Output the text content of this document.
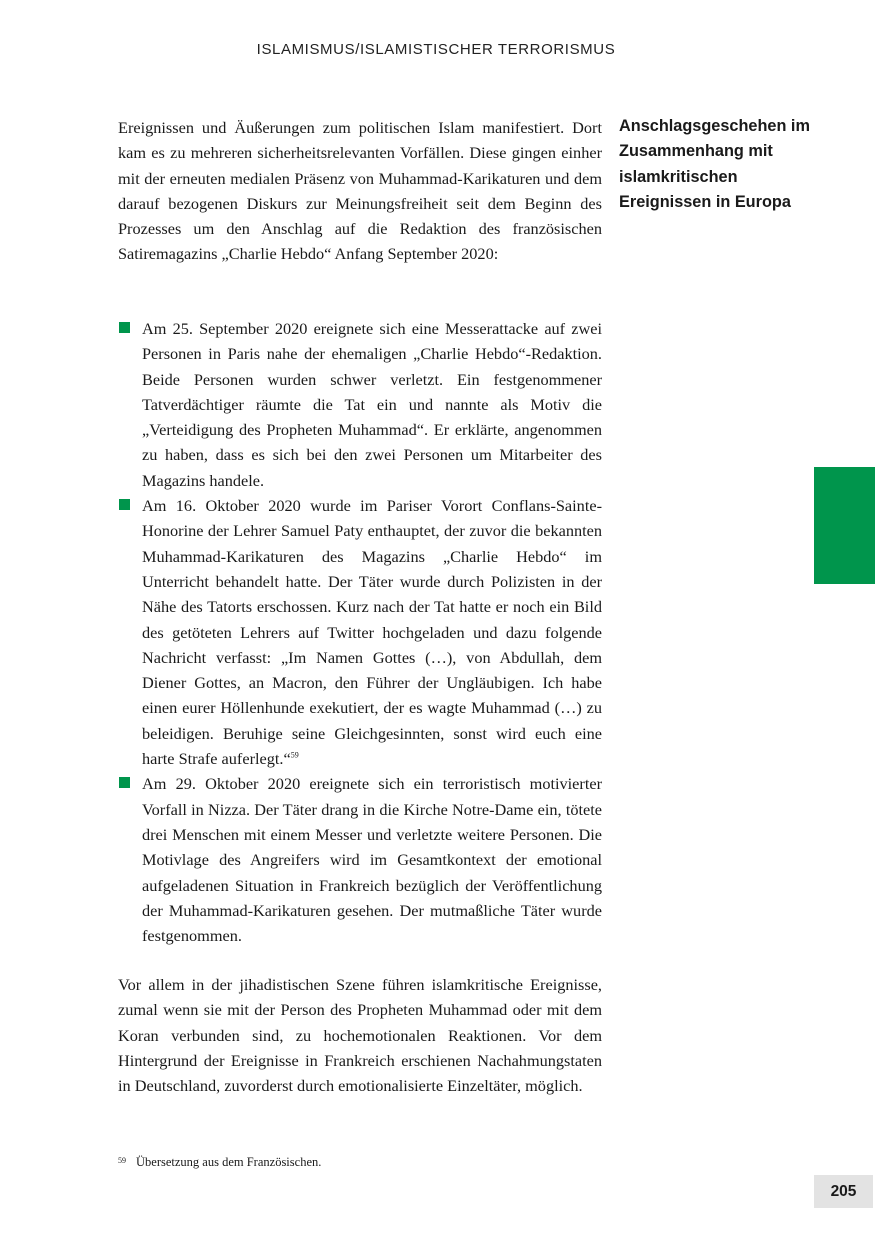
ISLAMISMUS/ISLAMISTISCHER TERRORISMUS
Anschlagsgeschehen im Zusammenhang mit islamkritischen Ereignissen in Europa

Ereignissen und Äußerungen zum politischen Islam manifestiert. Dort kam es zu mehreren sicherheitsrelevanten Vorfällen. Diese gingen einher mit der erneuten medialen Präsenz von Muhammad-Karikaturen und dem darauf bezogenen Diskurs zur Meinungsfreiheit seit dem Beginn des Prozesses um den Anschlag auf die Redaktion des französischen Satiremagazins „Charlie Hebdo“ Anfang September 2020:

Am 25. September 2020 ereignete sich eine Messerattacke auf zwei Personen in Paris nahe der ehemaligen „Charlie Hebdo“-Redaktion. Beide Personen wurden schwer verletzt. Ein festgenommener Tatverdächtiger räumte die Tat ein und nannte als Motiv die „Verteidigung des Propheten Muhammad“. Er erklärte, angenommen zu haben, dass es sich bei den zwei Personen um Mitarbeiter des Magazins handele.
Am 16. Oktober 2020 wurde im Pariser Vorort Conflans-Sainte-Honorine der Lehrer Samuel Paty enthauptet, der zuvor die bekannten Muhammad-Karikaturen des Magazins „Charlie Hebdo“ im Unterricht behandelt hatte. Der Täter wurde durch Polizisten in der Nähe des Tatorts erschossen. Kurz nach der Tat hatte er noch ein Bild des getöteten Lehrers auf Twitter hochgeladen und dazu folgende Nachricht verfasst: „Im Namen Gottes (…), von Abdullah, dem Diener Gottes, an Macron, den Führer der Ungläubigen. Ich habe einen eurer Höllenhunde exekutiert, der es wagte Muhammad (…) zu beleidigen. Beruhige seine Gleichgesinnten, sonst wird euch eine harte Strafe auferlegt.“$^{59}$
Am 29. Oktober 2020 ereignete sich ein terroristisch motivierter Vorfall in Nizza. Der Täter drang in die Kirche Notre-Dame ein, tötete drei Menschen mit einem Messer und verletzte weitere Personen. Die Motivlage des Angreifers wird im Gesamtkontext der emotional aufgeladenen Situation in Frankreich bezüglich der Veröffentlichung der Muhammad-Karikaturen gesehen. Der mutmaßliche Täter wurde festgenommen.

Vor allem in der jihadistischen Szene führen islamkritische Ereignisse, zumal wenn sie mit der Person des Propheten Muhammad oder mit dem Koran verbunden sind, zu hochemotionalen Reaktionen. Vor dem Hintergrund der Ereignisse in Frankreich erschienen Nachahmungstaten in Deutschland, zuvorderst durch emotionalisierte Einzeltäter, möglich.

59 Übersetzung aus dem Französischen.
205
